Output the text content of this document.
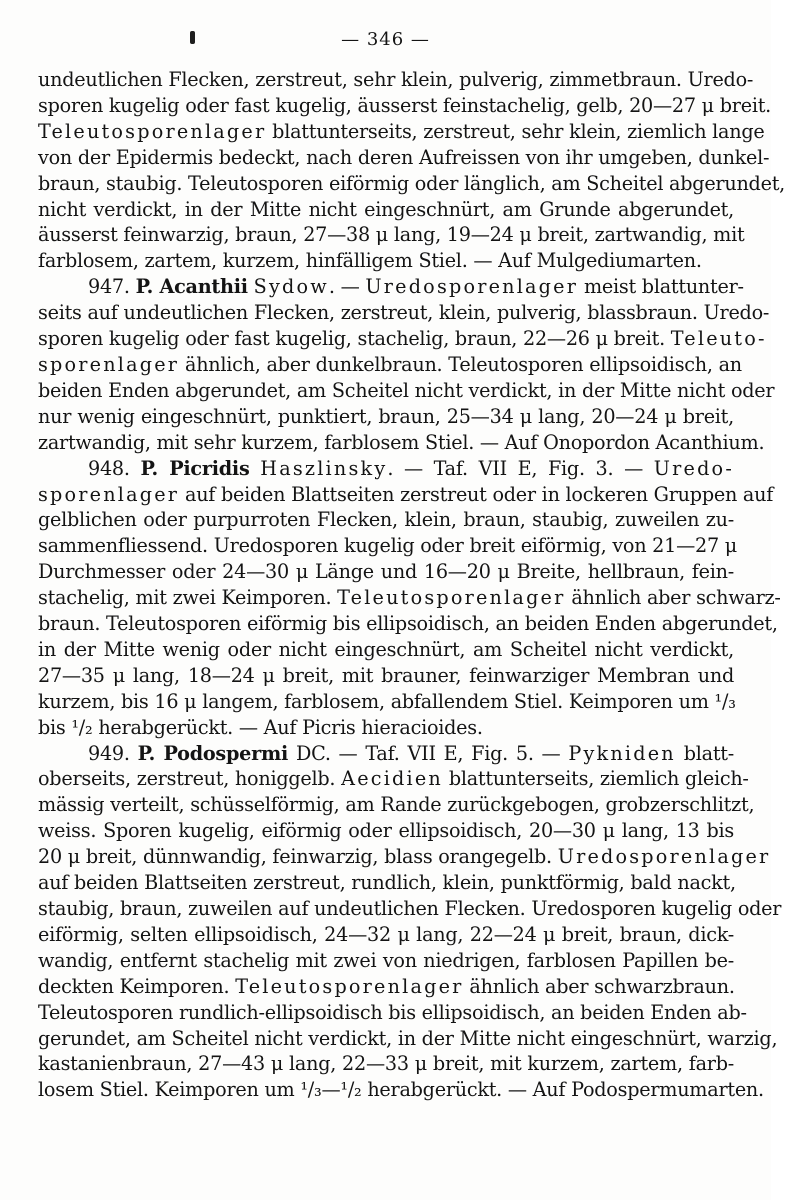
— 346 —

undeutlichen Flecken, zerstreut, sehr klein, pulverig, zimmetbraun. Uredo-

sporen kugelig oder fast kugelig, äusserst feinstachelig, gelb, 20—27 μ breit.

Teleutosporenlager blattunterseits, zerstreut, sehr klein, ziemlich lange

von der Epidermis bedeckt, nach deren Aufreissen von ihr umgeben, dunkel-

braun, staubig. Teleutosporen eiförmig oder länglich, am Scheitel abgerundet,

nicht verdickt, in der Mitte nicht eingeschnürt, am Grunde abgerundet,

äusserst feinwarzig, braun, 27—38 μ lang, 19—24 μ breit, zartwandig, mit

farblosem, zartem, kurzem, hinfälligem Stiel. — Auf Mulgediumarten.

947. P. Acanthii Sydow. — Uredosporenlager meist blattunter-

seits auf undeutlichen Flecken, zerstreut, klein, pulverig, blassbraun. Uredo-

sporen kugelig oder fast kugelig, stachelig, braun, 22—26 μ breit. Teleuto-

sporenlager ähnlich, aber dunkelbraun. Teleutosporen ellipsoidisch, an

beiden Enden abgerundet, am Scheitel nicht verdickt, in der Mitte nicht oder

nur wenig eingeschnürt, punktiert, braun, 25—34 μ lang, 20—24 μ breit,

zartwandig, mit sehr kurzem, farblosem Stiel. — Auf Onopordon Acanthium.

948. P. Picridis Haszlinsky. — Taf. VII E, Fig. 3. — Uredo-

sporenlager auf beiden Blattseiten zerstreut oder in lockeren Gruppen auf

gelblichen oder purpurroten Flecken, klein, braun, staubig, zuweilen zu-

sammenfliessend. Uredosporen kugelig oder breit eiförmig, von 21—27 μ

Durchmesser oder 24—30 μ Länge und 16—20 μ Breite, hellbraun, fein-

stachelig, mit zwei Keimporen. Teleutosporenlager ähnlich aber schwarz-

braun. Teleutosporen eiförmig bis ellipsoidisch, an beiden Enden abgerundet,

in der Mitte wenig oder nicht eingeschnürt, am Scheitel nicht verdickt,

27—35 μ lang, 18—24 μ breit, mit brauner, feinwarziger Membran und

kurzem, bis 16 μ langem, farblosem, abfallendem Stiel. Keimporen um ¹/₃

bis ¹/₂ herabgerückt. — Auf Picris hieracioides.

949. P. Podospermi DC. — Taf. VII E, Fig. 5. — Pykniden blatt-

oberseits, zerstreut, honiggelb. Aecidien blattunterseits, ziemlich gleich-

mässig verteilt, schüsselförmig, am Rande zurückgebogen, grobzerschlitzt,

weiss. Sporen kugelig, eiförmig oder ellipsoidisch, 20—30 μ lang, 13 bis

20 μ breit, dünnwandig, feinwarzig, blass orangegelb. Uredosporenlager

auf beiden Blattseiten zerstreut, rundlich, klein, punktförmig, bald nackt,

staubig, braun, zuweilen auf undeutlichen Flecken. Uredosporen kugelig oder

eiförmig, selten ellipsoidisch, 24—32 μ lang, 22—24 μ breit, braun, dick-

wandig, entfernt stachelig mit zwei von niedrigen, farblosen Papillen be-

deckten Keimporen. Teleutosporenlager ähnlich aber schwarzbraun.

Teleutosporen rundlich-ellipsoidisch bis ellipsoidisch, an beiden Enden ab-

gerundet, am Scheitel nicht verdickt, in der Mitte nicht eingeschnürt, warzig,

kastanienbraun, 27—43 μ lang, 22—33 μ breit, mit kurzem, zartem, farb-

losem Stiel. Keimporen um ¹/₃—¹/₂ herabgerückt. — Auf Podospermumarten.
